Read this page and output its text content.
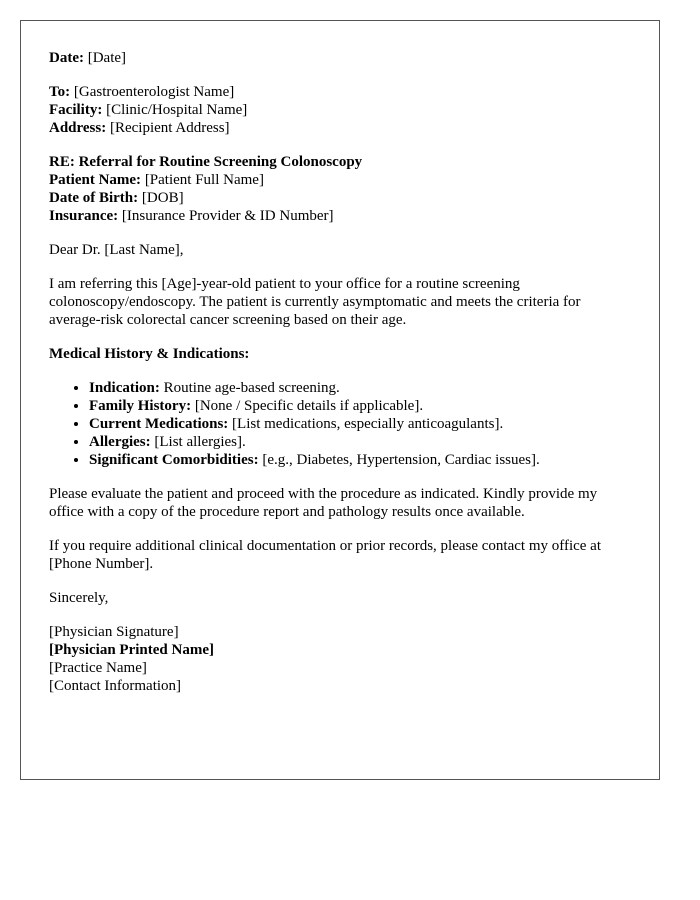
Date: [Date]
To: [Gastroenterologist Name]
Facility: [Clinic/Hospital Name]
Address: [Recipient Address]
RE: Referral for Routine Screening Colonoscopy
Patient Name: [Patient Full Name]
Date of Birth: [DOB]
Insurance: [Insurance Provider & ID Number]
Dear Dr. [Last Name],
I am referring this [Age]-year-old patient to your office for a routine screening colonoscopy/endoscopy. The patient is currently asymptomatic and meets the criteria for average-risk colorectal cancer screening based on their age.
Medical History & Indications:
• Indication: Routine age-based screening.
• Family History: [None / Specific details if applicable].
• Current Medications: [List medications, especially anticoagulants].
• Allergies: [List allergies].
• Significant Comorbidities: [e.g., Diabetes, Hypertension, Cardiac issues].
Please evaluate the patient and proceed with the procedure as indicated. Kindly provide my office with a copy of the procedure report and pathology results once available.
If you require additional clinical documentation or prior records, please contact my office at [Phone Number].
Sincerely,
[Physician Signature]
[Physician Printed Name]
[Practice Name]
[Contact Information]
